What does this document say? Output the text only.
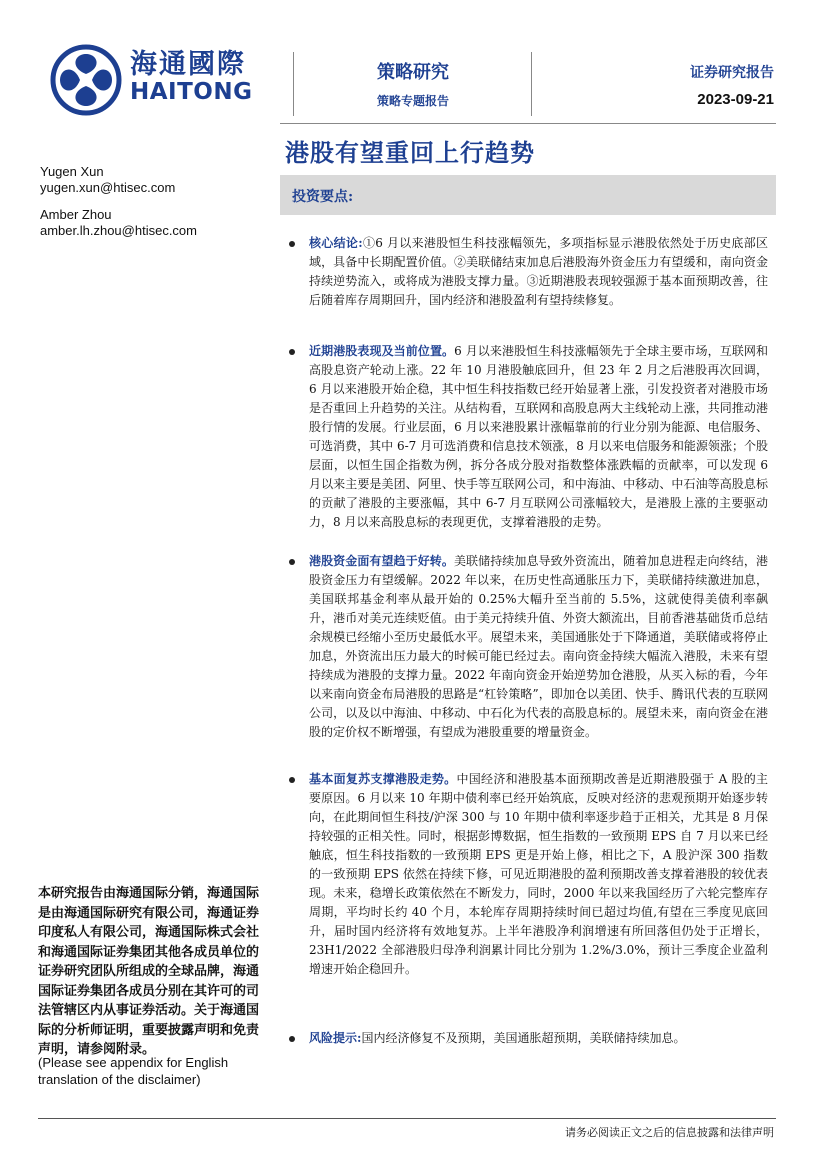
海通國際
HAITONG
策略研究
策略专题报告
证券研究报告
2023-09-21
港股有望重回上行趋势
Yugen Xun
yugen.xun@htisec.com
Amber Zhou
amber.lh.zhou@htisec.com
投资要点:
核心结论:①6 月以来港股恒生科技涨幅领先，多项指标显示港股依然处于历史底部区域，具备中长期配置价值。②美联储结束加息后港股海外资金压力有望缓和，南向资金持续逆势流入，或将成为港股支撑力量。③近期港股表现较强源于基本面预期改善，往后随着库存周期回升，国内经济和港股盈利有望持续修复。
近期港股表现及当前位置。6 月以来港股恒生科技涨幅领先于全球主要市场，互联网和高股息资产轮动上涨。22 年 10 月港股触底回升，但 23 年 2 月之后港股再次回调，6 月以来港股开始企稳，其中恒生科技指数已经开始显著上涨，引发投资者对港股市场是否重回上升趋势的关注。从结构看，互联网和高股息两大主线轮动上涨，共同推动港股行情的发展。行业层面，6 月以来港股累计涨幅靠前的行业分别为能源、电信服务、可选消费，其中 6-7 月可选消费和信息技术领涨，8 月以来电信服务和能源领涨；个股层面，以恒生国企指数为例，拆分各成分股对指数整体涨跌幅的贡献率，可以发现 6 月以来主要是美团、阿里、快手等互联网公司，和中海油、中移动、中石油等高股息标的贡献了港股的主要涨幅，其中 6-7 月互联网公司涨幅较大，是港股上涨的主要驱动力，8 月以来高股息标的表现更优，支撑着港股的走势。
港股资金面有望趋于好转。美联储持续加息导致外资流出，随着加息进程走向终结，港股资金压力有望缓解。2022 年以来，在历史性高通胀压力下，美联储持续激进加息，美国联邦基金利率从最开始的 0.25%大幅升至当前的 5.5%，这就使得美债利率飙升，港币对美元连续贬值。由于美元持续升值、外资大额流出，目前香港基础货币总结余规模已经缩小至历史最低水平。展望未来，美国通胀处于下降通道，美联储或将停止加息，外资流出压力最大的时候可能已经过去。南向资金持续大幅流入港股，未来有望持续成为港股的支撑力量。2022 年南向资金开始逆势加仓港股，从买入标的看，今年以来南向资金布局港股的思路是“杠铃策略”，即加仓以美团、快手、腾讯代表的互联网公司，以及以中海油、中移动、中石化为代表的高股息标的。展望未来，南向资金在港股的定价权不断增强，有望成为港股重要的增量资金。
基本面复苏支撑港股走势。中国经济和港股基本面预期改善是近期港股强于 A 股的主要原因。6 月以来 10 年期中债利率已经开始筑底，反映对经济的悲观预期开始逐步转向，在此期间恒生科技/沪深 300 与 10 年期中债利率逐步趋于正相关，尤其是 8 月保持较强的正相关性。同时，根据彭博数据，恒生指数的一致预期 EPS 自 7 月以来已经触底，恒生科技指数的一致预期 EPS 更是开始上修，相比之下，A 股沪深 300 指数的一致预期 EPS 依然在持续下修，可见近期港股的盈利预期改善支撑着港股的较优表现。未来，稳增长政策依然在不断发力，同时，2000 年以来我国经历了六轮完整库存周期，平均时长约 40 个月，本轮库存周期持续时间已超过均值,有望在三季度见底回升，届时国内经济将有效地复苏。上半年港股净利润增速有所回落但仍处于正增长，23H1/2022 全部港股归母净利润累计同比分别为 1.2%/3.0%，预计三季度企业盈利增速开始企稳回升。
风险提示:国内经济修复不及预期，美国通胀超预期，美联储持续加息。
本研究报告由海通国际分销，海通国际是由海通国际研究有限公司，海通证券印度私人有限公司，海通国际株式会社和海通国际证券集团其他各成员单位的证券研究团队所组成的全球品牌，海通国际证券集团各成员分别在其许可的司法管辖区内从事证券活动。关于海通国际的分析师证明，重要披露声明和免责声明，请参阅附录。
(Please see appendix for English translation of the disclaimer)
请务必阅读正文之后的信息披露和法律声明
